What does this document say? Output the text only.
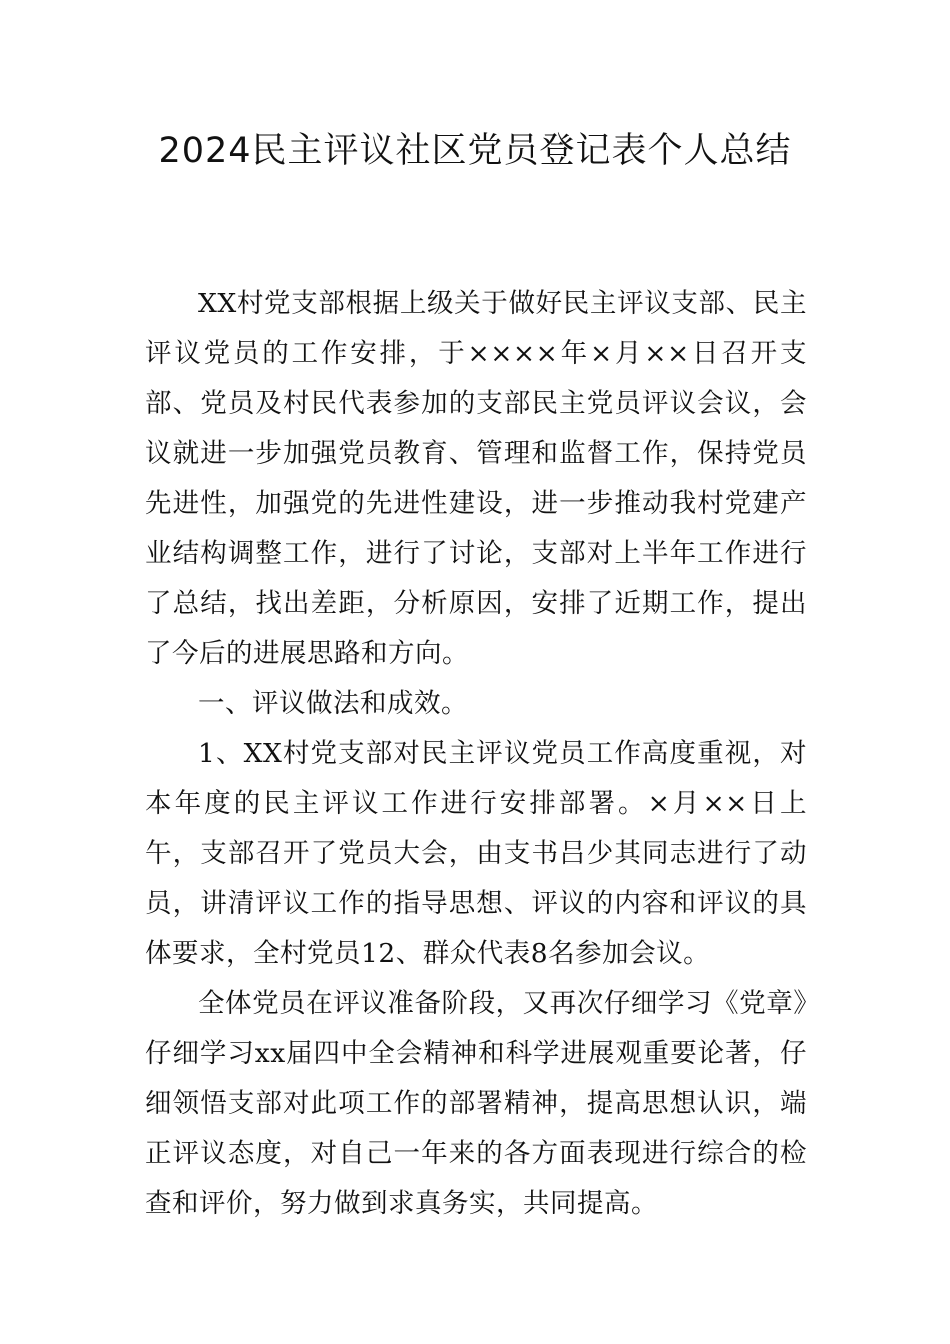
2024民主评议社区党员登记表个人总结

XX村党支部根据上级关于做好民主评议支部、民主评议党员的工作安排，于××××年×月××日召开支部、党员及村民代表参加的支部民主党员评议会议，会议就进一步加强党员教育、管理和监督工作，保持党员先进性，加强党的先进性建设，进一步推动我村党建产业结构调整工作，进行了讨论，支部对上半年工作进行了总结，找出差距，分析原因，安排了近期工作，提出了今后的进展思路和方向。

一、评议做法和成效。

1、XX村党支部对民主评议党员工作高度重视，对本年度的民主评议工作进行安排部署。×月××日上午，支部召开了党员大会，由支书吕少其同志进行了动员，讲清评议工作的指导思想、评议的内容和评议的具体要求，全村党员12、群众代表8名参加会议。

全体党员在评议准备阶段，又再次仔细学习《党章》仔细学习xx届四中全会精神和科学进展观重要论著，仔细领悟支部对此项工作的部署精神，提高思想认识，端正评议态度，对自己一年来的各方面表现进行综合的检查和评价，努力做到求真务实，共同提高。
